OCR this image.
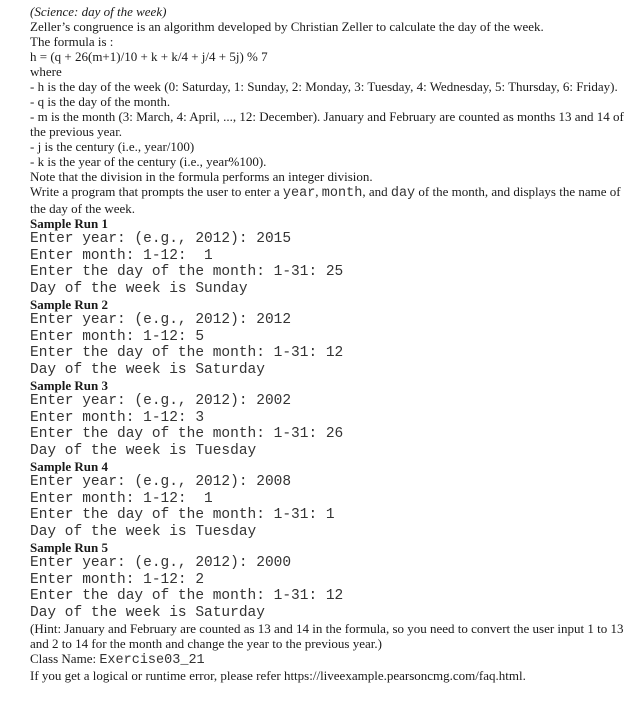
(Science: day of the week)
Zeller’s congruence is an algorithm developed by Christian Zeller to calculate the day of the week.
The formula is :
h = (q + 26(m+1)/10 + k + k/4 + j/4 + 5j) % 7
where
- h is the day of the week (0: Saturday, 1: Sunday, 2: Monday, 3: Tuesday, 4: Wednesday, 5: Thursday, 6: Friday).
- q is the day of the month.
- m is the month (3: March, 4: April, ..., 12: December). January and February are counted as months 13 and 14 of the previous year.
- j is the century (i.e., year/100)
- k is the year of the century (i.e., year%100).
Note that the division in the formula performs an integer division.
Write a program that prompts the user to enter a year, month, and day of the month, and displays the name of the day of the week.
Sample Run 1
Enter year: (e.g., 2012): 2015
Enter month: 1-12:  1
Enter the day of the month: 1-31: 25
Day of the week is Sunday
Sample Run 2
Enter year: (e.g., 2012): 2012
Enter month: 1-12: 5
Enter the day of the month: 1-31: 12
Day of the week is Saturday
Sample Run 3
Enter year: (e.g., 2012): 2002
Enter month: 1-12: 3
Enter the day of the month: 1-31: 26
Day of the week is Tuesday
Sample Run 4
Enter year: (e.g., 2012): 2008
Enter month: 1-12:  1
Enter the day of the month: 1-31: 1
Day of the week is Tuesday
Sample Run 5
Enter year: (e.g., 2012): 2000
Enter month: 1-12: 2
Enter the day of the month: 1-31: 12
Day of the week is Saturday
(Hint: January and February are counted as 13 and 14 in the formula, so you need to convert the user input 1 to 13 and 2 to 14 for the month and change the year to the previous year.)
Class Name: Exercise03_21
If you get a logical or runtime error, please refer https://liveexample.pearsoncmg.com/faq.html.
